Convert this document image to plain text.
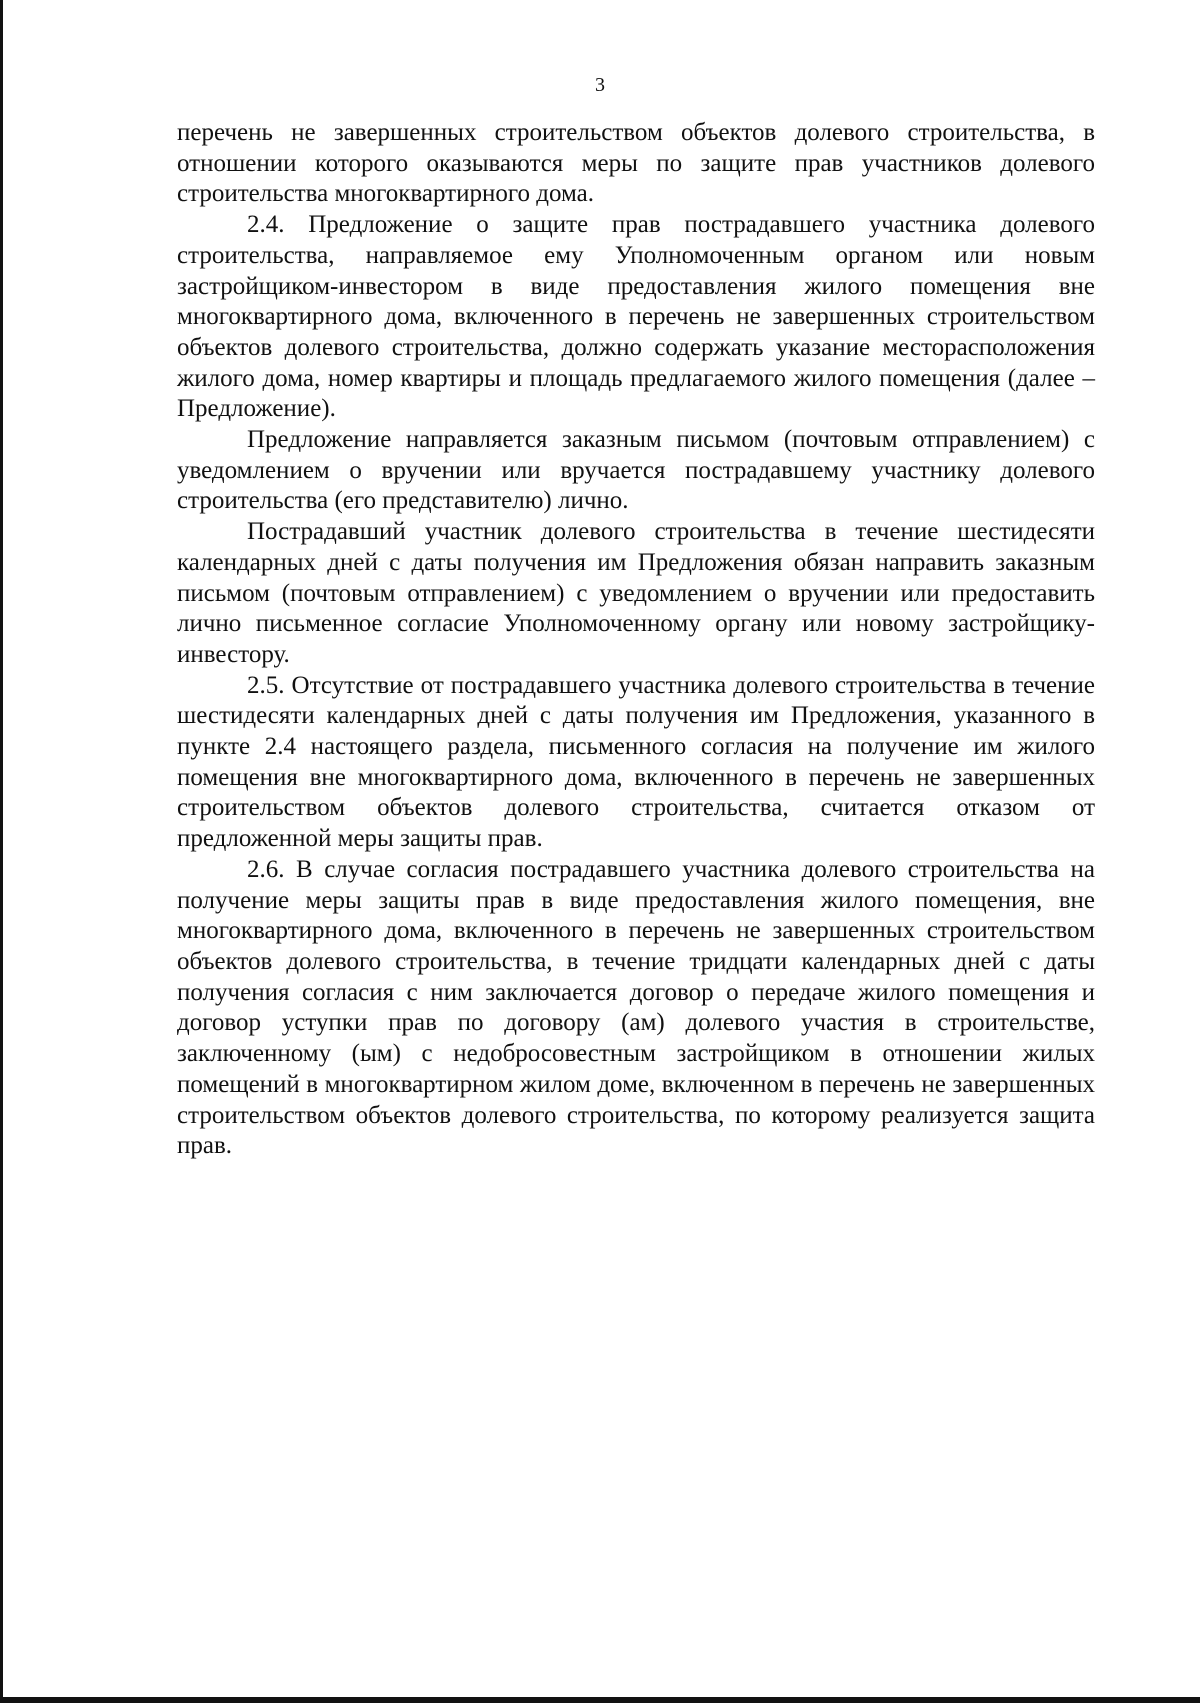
3

перечень не завершенных строительством объектов долевого строительства, в отношении которого оказываются меры по защите прав участников долевого строительства многоквартирного дома.

2.4. Предложение о защите прав пострадавшего участника долевого строительства, направляемое ему Уполномоченным органом или новым застройщиком-инвестором в виде предоставления жилого помещения вне многоквартирного дома, включенного в перечень не завершенных строительством объектов долевого строительства, должно содержать указание месторасположения жилого дома, номер квартиры и площадь предлагаемого жилого помещения (далее – Предложение).

Предложение направляется заказным письмом (почтовым отправлением) с уведомлением о вручении или вручается пострадавшему участнику долевого строительства (его представителю) лично.

Пострадавший участник долевого строительства в течение шестидесяти календарных дней с даты получения им Предложения обязан направить заказным письмом (почтовым отправлением) с уведомлением о вручении или предоставить лично письменное согласие Уполномоченному органу или новому застройщику-инвестору.

2.5. Отсутствие от пострадавшего участника долевого строительства в течение шестидесяти календарных дней с даты получения им Предложения, указанного в пункте 2.4 настоящего раздела, письменного согласия на получение им жилого помещения вне многоквартирного дома, включенного в перечень не завершенных строительством объектов долевого строительства, считается отказом от предложенной меры защиты прав.

2.6. В случае согласия пострадавшего участника долевого строительства на получение меры защиты прав в виде предоставления жилого помещения, вне многоквартирного дома, включенного в перечень не завершенных строительством объектов долевого строительства, в течение тридцати календарных дней с даты получения согласия с ним заключается договор о передаче жилого помещения и договор уступки прав по договору (ам) долевого участия в строительстве, заключенному (ым) с недобросовестным застройщиком в отношении жилых помещений в многоквартирном жилом доме, включенном в перечень не завершенных строительством объектов долевого строительства, по которому реализуется защита прав.
